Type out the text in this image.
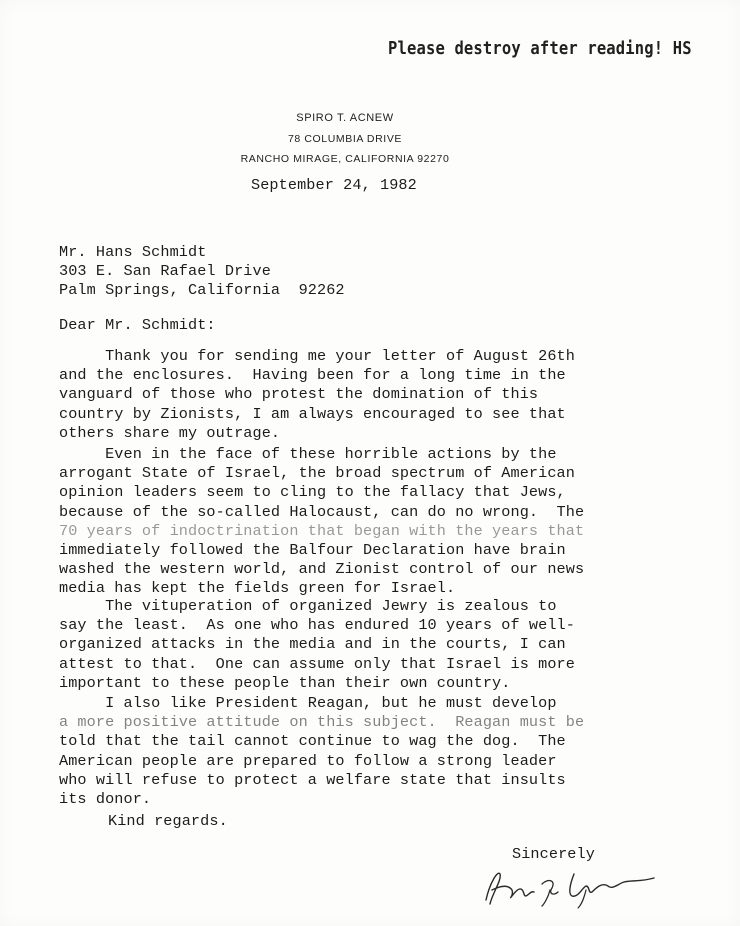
Please destroy after reading! HS
SPIRO T. ACNEW
78 COLUMBIA DRIVE
RANCHO MIRAGE, CALIFORNIA 92270
September 24, 1982
Mr. Hans Schmidt
303 E. San Rafael Drive
Palm Springs, California  92262
Dear Mr. Schmidt:
Thank you for sending me your letter of August 26th
and the enclosures.  Having been for a long time in the
vanguard of those who protest the domination of this
country by Zionists, I am always encouraged to see that
others share my outrage.
Even in the face of these horrible actions by the
arrogant State of Israel, the broad spectrum of American
opinion leaders seem to cling to the fallacy that Jews,
because of the so-called Halocaust, can do no wrong.  The
70 years of indoctrination that began with the years that
immediately followed the Balfour Declaration have brain
washed the western world, and Zionist control of our news
media has kept the fields green for Israel.
The vituperation of organized Jewry is zealous to
say the least.  As one who has endured 10 years of well-
organized attacks in the media and in the courts, I can
attest to that.  One can assume only that Israel is more
important to these people than their own country.
I also like President Reagan, but he must develop
a more positive attitude on this subject.  Reagan must be
told that the tail cannot continue to wag the dog.  The
American people are prepared to follow a strong leader
who will refuse to protect a welfare state that insults
its donor.
Kind regards.
Sincerely
